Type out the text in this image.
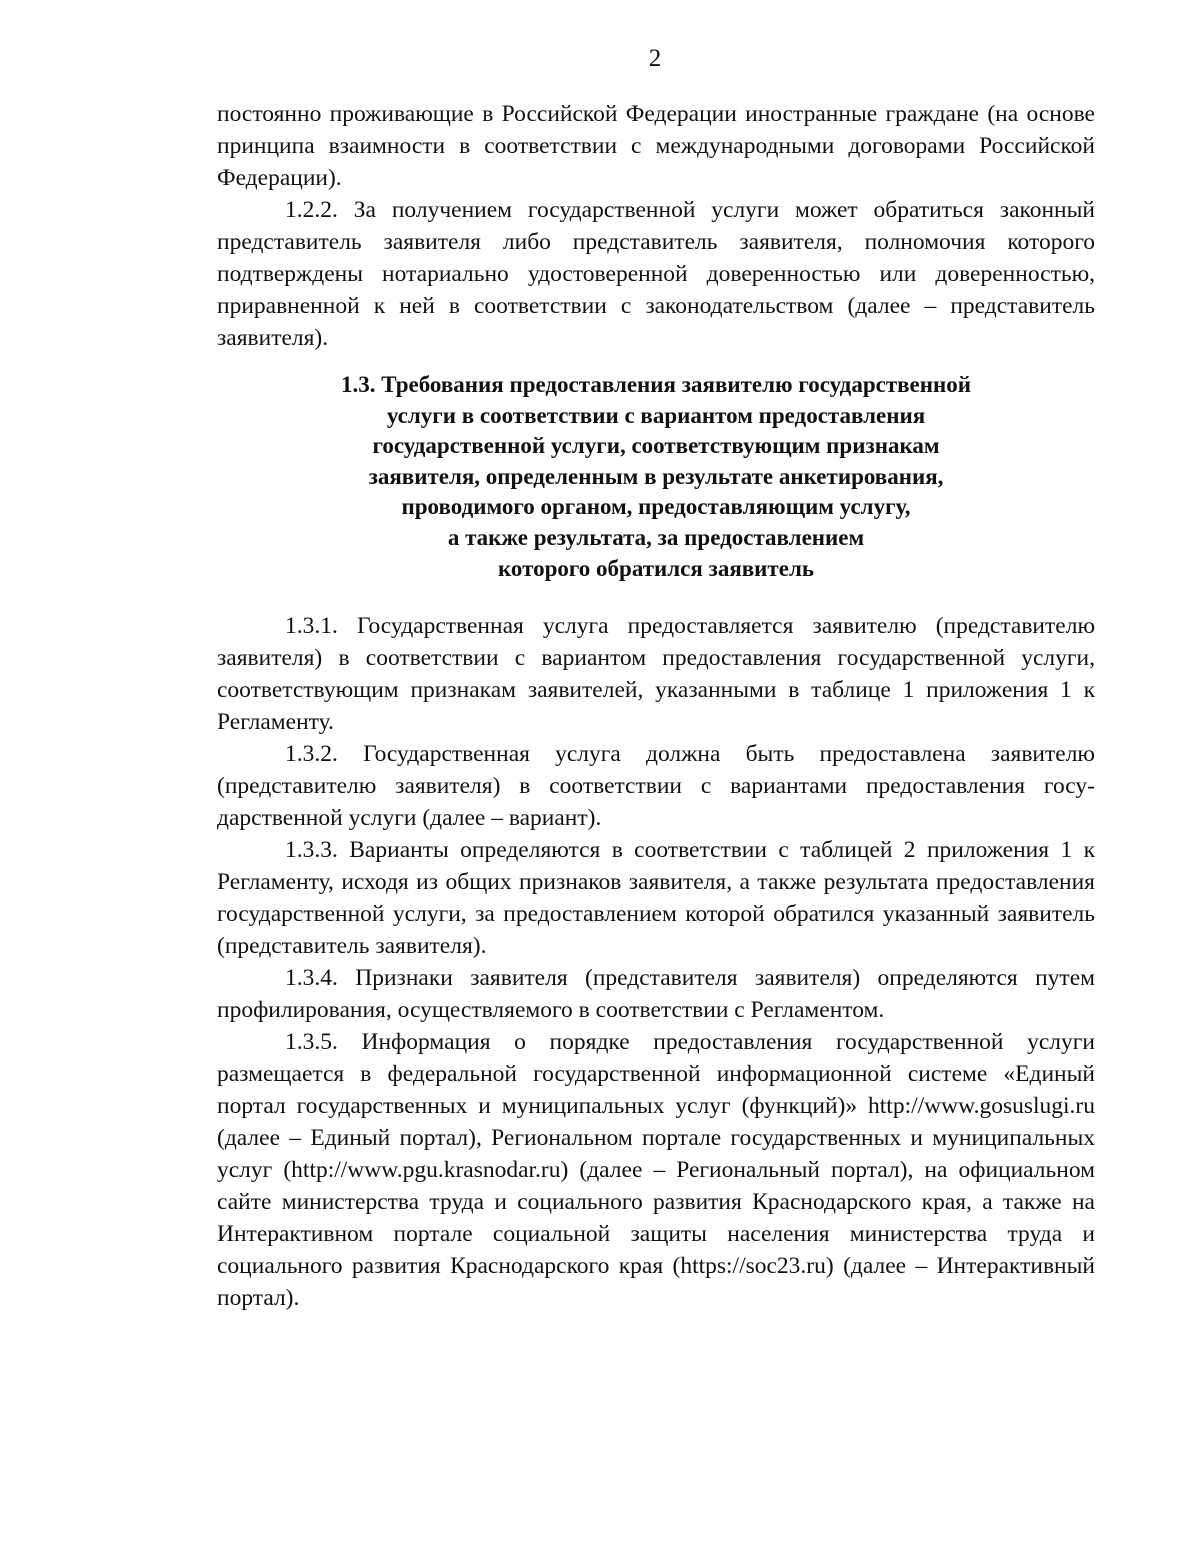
2

постоянно проживающие в Российской Федерации иностранные граждане (на основе принципа взаимности в соответствии с международными договорами Российской Федерации).

1.2.2. За получением государственной услуги может обратиться законный представитель заявителя либо представитель заявителя, полномочия которого подтверждены нотариально удостоверенной доверенностью или доверенностью, приравненной к ней в соответствии с законодательством (далее – представитель заявителя).

1.3. Требования предоставления заявителю государственной
услуги в соответствии с вариантом предоставления
государственной услуги, соответствующим признакам
заявителя, определенным в результате анкетирования,
проводимого органом, предоставляющим услугу,
а также результата, за предоставлением
которого обратился заявитель

1.3.1. Государственная услуга предоставляется заявителю (представителю заявителя) в соответствии с вариантом предоставления государственной услуги, соответствующим признакам заявителей, указанными в таблице 1 приложения 1 к Регламенту.

1.3.2. Государственная услуга должна быть предоставлена заявителю (представителю заявителя) в соответствии с вариантами предоставления государственной услуги (далее – вариант).

1.3.3. Варианты определяются в соответствии с таблицей 2 приложения 1 к Регламенту, исходя из общих признаков заявителя, а также результата предоставления государственной услуги, за предоставлением которой обратился указанный заявитель (представитель заявителя).

1.3.4. Признаки заявителя (представителя заявителя) определяются путем профилирования, осуществляемого в соответствии с Регламентом.

1.3.5. Информация о порядке предоставления государственной услуги размещается в федеральной государственной информационной системе «Единый портал государственных и муниципальных услуг (функций)» http://www.gosuslugi.ru (далее – Единый портал), Региональном портале государственных и муниципальных услуг (http://www.pgu.krasnodar.ru) (далее – Региональный портал), на официальном сайте министерства труда и социального развития Краснодарского края, а также на Интерактивном портале социальной защиты населения министерства труда и социального развития Краснодарского края (https://soc23.ru) (далее – Интерактивный портал).
